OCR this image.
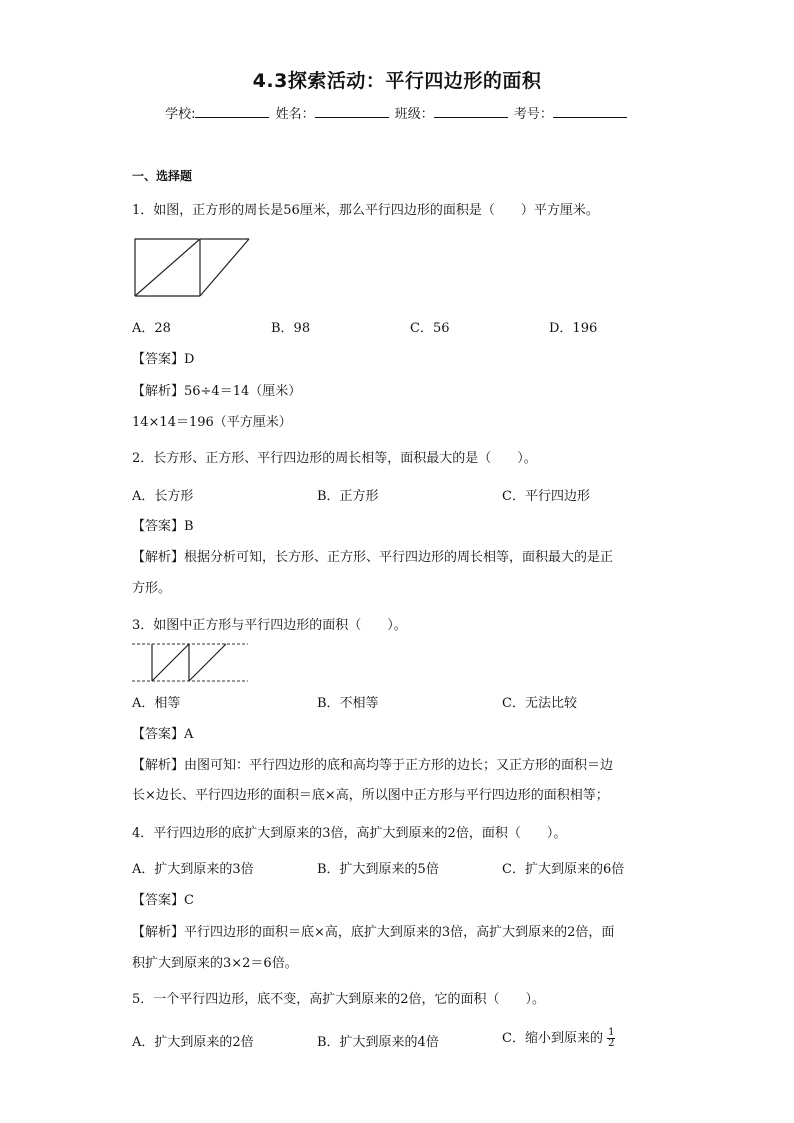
4.3探索活动：平行四边形的面积
学校:	姓名：	班级：	考号：
一、选择题
1．如图，正方形的周长是56厘米，那么平行四边形的面积是（　　）平方厘米。
A．28	B．98	C．56	D．196
【答案】D
【解析】56÷4＝14（厘米）
14×14＝196（平方厘米）
2．长方形、正方形、平行四边形的周长相等，面积最大的是（　　）。
A．长方形	B．正方形	C．平行四边形
【答案】B
【解析】根据分析可知，长方形、正方形、平行四边形的周长相等，面积最大的是正
方形。
3．如图中正方形与平行四边形的面积（　　）。
A．相等	B．不相等	C．无法比较
【答案】A
【解析】由图可知：平行四边形的底和高均等于正方形的边长；又正方形的面积＝边
长×边长、平行四边形的面积＝底×高，所以图中正方形与平行四边形的面积相等；
4．平行四边形的底扩大到原来的3倍，高扩大到原来的2倍，面积（　　）。
A．扩大到原来的3倍	B．扩大到原来的5倍	C．扩大到原来的6倍
【答案】C
【解析】平行四边形的面积＝底×高，底扩大到原来的3倍，高扩大到原来的2倍，面
积扩大到原来的3×2＝6倍。
5．一个平行四边形，底不变，高扩大到原来的2倍，它的面积（　　）。
A．扩大到原来的2倍	B．扩大到原来的4倍	C．缩小到原来的 $\frac{1}{2}$
